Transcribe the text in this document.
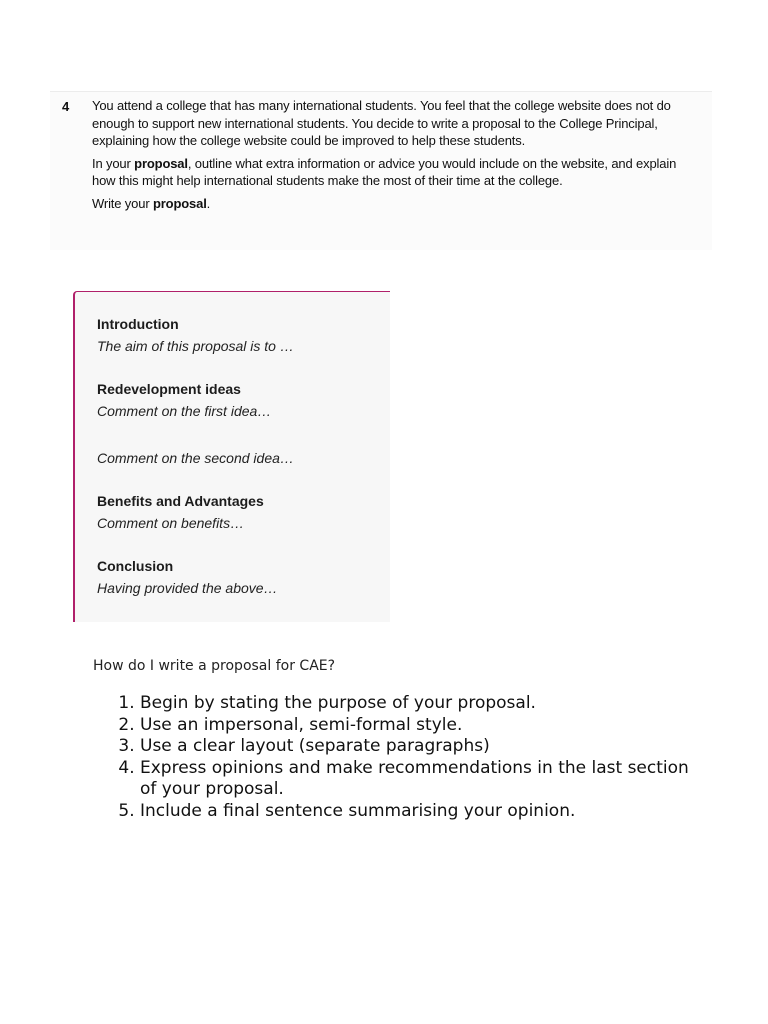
4 You attend a college that has many international students. You feel that the college website does not do enough to support new international students. You decide to write a proposal to the College Principal, explaining how the college website could be improved to help these students.

In your proposal, outline what extra information or advice you would include on the website, and explain how this might help international students make the most of their time at the college.

Write your proposal.

Introduction

The aim of this proposal is to …

Redevelopment ideas

Comment on the first idea…

Comment on the second idea…

Benefits and Advantages

Comment on benefits…

Conclusion

Having provided the above…

How do I write a proposal for CAE?
1. Begin by stating the purpose of your proposal.
2. Use an impersonal, semi-formal style.
3. Use a clear layout (separate paragraphs)
4. Express opinions and make recommendations in the last section of your proposal.
5. Include a final sentence summarising your opinion.
